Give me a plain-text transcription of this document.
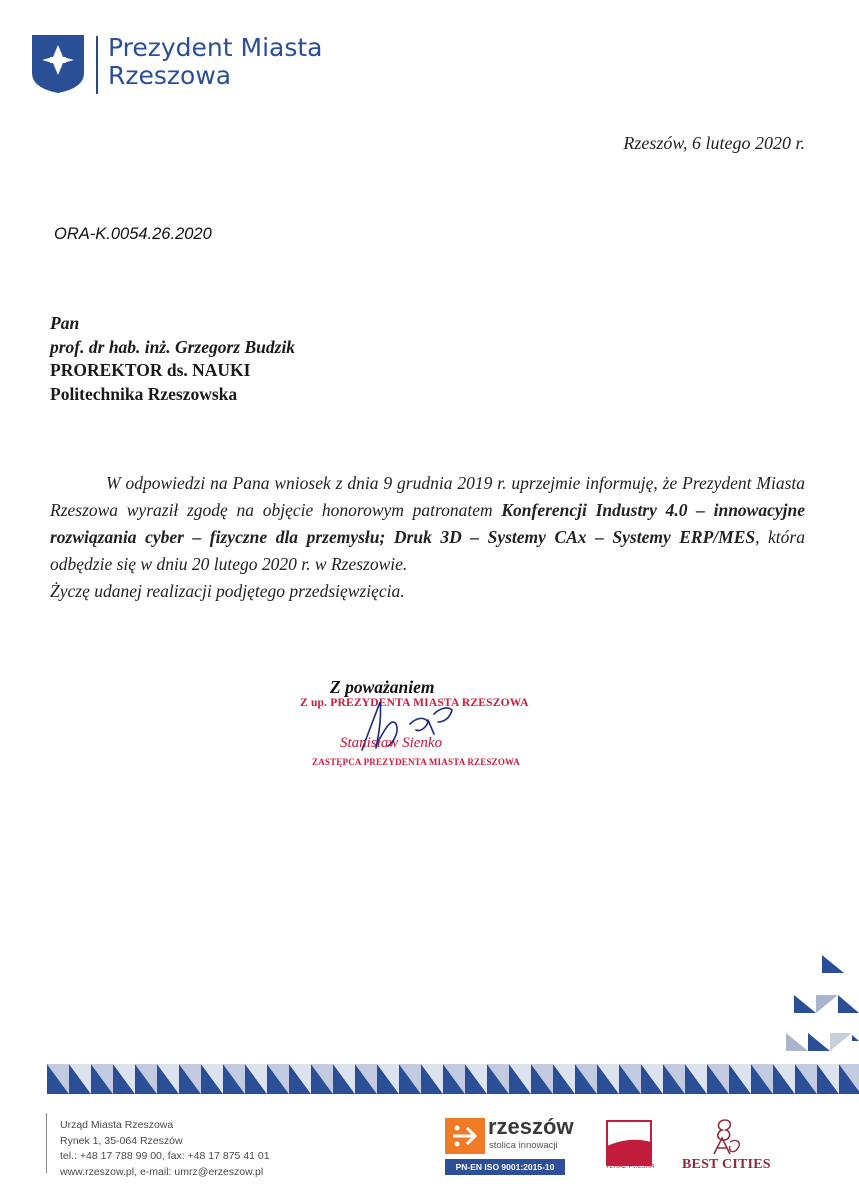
Prezydent Miasta
Rzeszowa
Rzeszów, 6 lutego 2020 r.
ORA-K.0054.26.2020
Pan
prof. dr hab. inż. Grzegorz Budzik
PROREKTOR ds. NAUKI
Politechnika Rzeszowska

W odpowiedzi na Pana wniosek z dnia 9 grudnia 2019 r. uprzejmie informuję, że Prezydent Miasta Rzeszowa wyraził zgodę na objęcie honorowym patronatem Konferencji Industry 4.0 – innowacyjne rozwiązania cyber – fizyczne dla przemysłu; Druk 3D – Systemy CAx – Systemy ERP/MES, która odbędzie się w dniu 20 lutego 2020 r. w Rzeszowie.

Życzę udanej realizacji podjętego przedsięwzięcia.

Z poważaniem
Z up. PREZYDENTA MIASTA RZESZOWA
Stanisław Sienko
ZASTĘPCA PREZYDENTA MIASTA RZESZOWA
Urząd Miasta Rzeszowa
Rynek 1, 35-064 Rzeszów
tel.: +48 17 788 99 00, fax: +48 17 875 41 01
www.rzeszow.pl, e-mail: umrz@erzeszow.pl
rzeszów
stolica innowacji
PN-EN ISO 9001:2015-10	TERAZ POLSKA	BEST CITIES
